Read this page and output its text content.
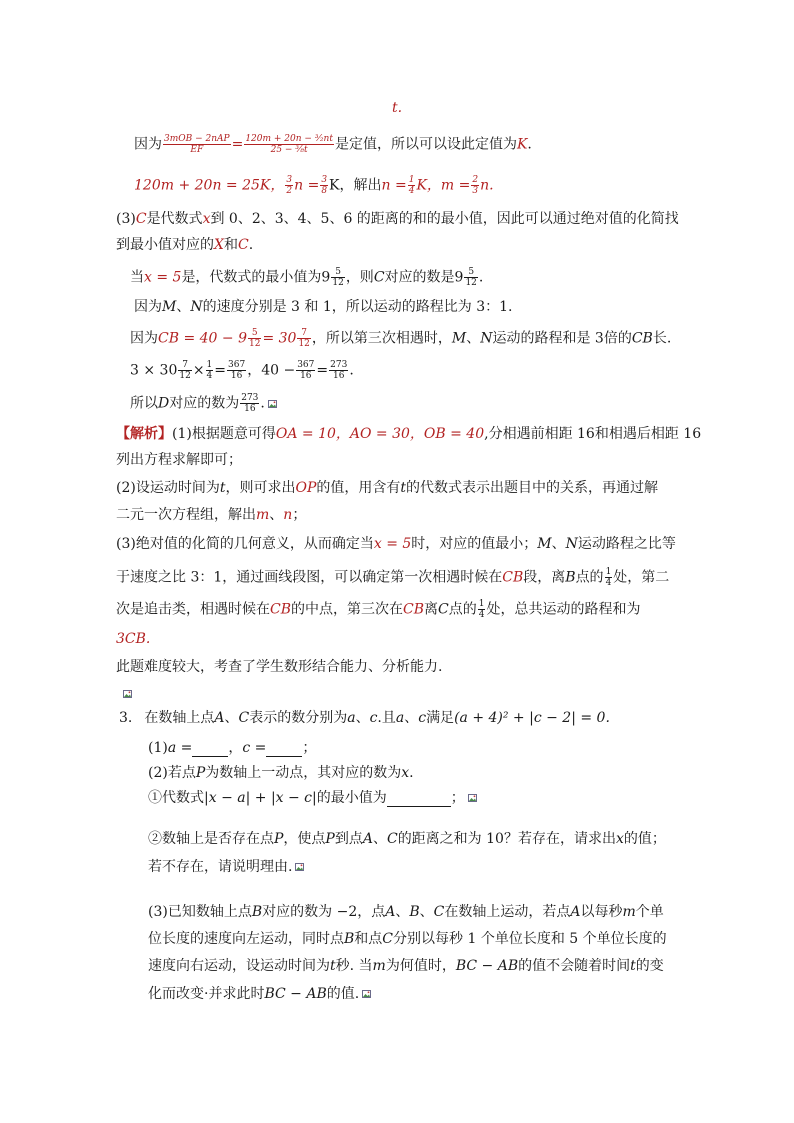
t.
因为 3mOB − 2nAP
EF	= $\frac{\text{120m + 20n − ³⁄₂nt}}{\text{25 − ³⁄₈t}}$ 是定值，所以可以设此定值为K.
120m + 20n = 25K， $\frac{3}{2}$ $n = \frac{3}{8}$ K，解出$n = \frac{1}{4}$ K，$m = \frac{2}{3} n$.
(3)C是代数式x到 0、2、3、4、5、6 的距离的和的最小值，因此可以通过绝对值的化简找
到最小值对应的X和C.
当x = 5是，代数式的最小值为$9 \frac{5}{12}$ ，则C对应的数是$9 \frac{5}{12}$ .
因为M、N的速度分别是 3 和 1，所以运动的路程比为 3：1.
因为CB = $40 - 9 \frac{5}{12} = 30 \frac{7}{12}$ ，所以第三次相遇时，M、N运动的路程和是 3倍的CB长.
$3 \times 30 \frac{7}{12} \times \frac{1}{4} = \frac{367}{16}$ ，$40 - \frac{367}{16} = \frac{273}{16}$ .
所以D对应的数为 $\frac{273}{16}$ .
【解析】(1)根据题意可得OA = 10，AO = 30，OB = 40,分相遇前相距 16和相遇后相距 16
列出方程求解即可；
(2)设运动时间为t，则可求出OP的值，用含有t的代数式表示出题目中的关系，再通过解
二元一次方程组，解出m、n；
(3)绝对值的化简的几何意义，从而确定当x = 5时，对应的值最小；M、N运动路程之比等
于速度之比 3：1，通过画线段图，可以确定第一次相遇时候在CB段，离B点的 $\frac{1}{4}$ 处，第二
次是追击类，相遇时候在CB的中点，第三次在CB离C点的 $\frac{1}{4}$ 处，总共运动的路程和为
3CB.
此题难度较大，考查了学生数形结合能力、分析能力.
3. 在数轴上点A、C表示的数分别为a、c.且a、c满足(a + 4)² + |c − 2| = 0.
(1)a =	，c =	；
(2)若点P为数轴上一动点，其对应的数为x.
①代数式|x − a| + |x − c|的最小值为	；
②数轴上是否存在点P，使点P到点A、C的距离之和为 10？若存在，请求出x的值；
若不存在，请说明理由.
(3)已知数轴上点B对应的数为 −2，点A、B、C在数轴上运动，若点A以每秒m个单
位长度的速度向左运动，同时点B和点C分别以每秒 1 个单位长度和 5 个单位长度的
速度向右运动，设运动时间为t秒. 当m为何值时，BC − AB的值不会随着时间t的变
化而改变·并求此时BC − AB的值.
